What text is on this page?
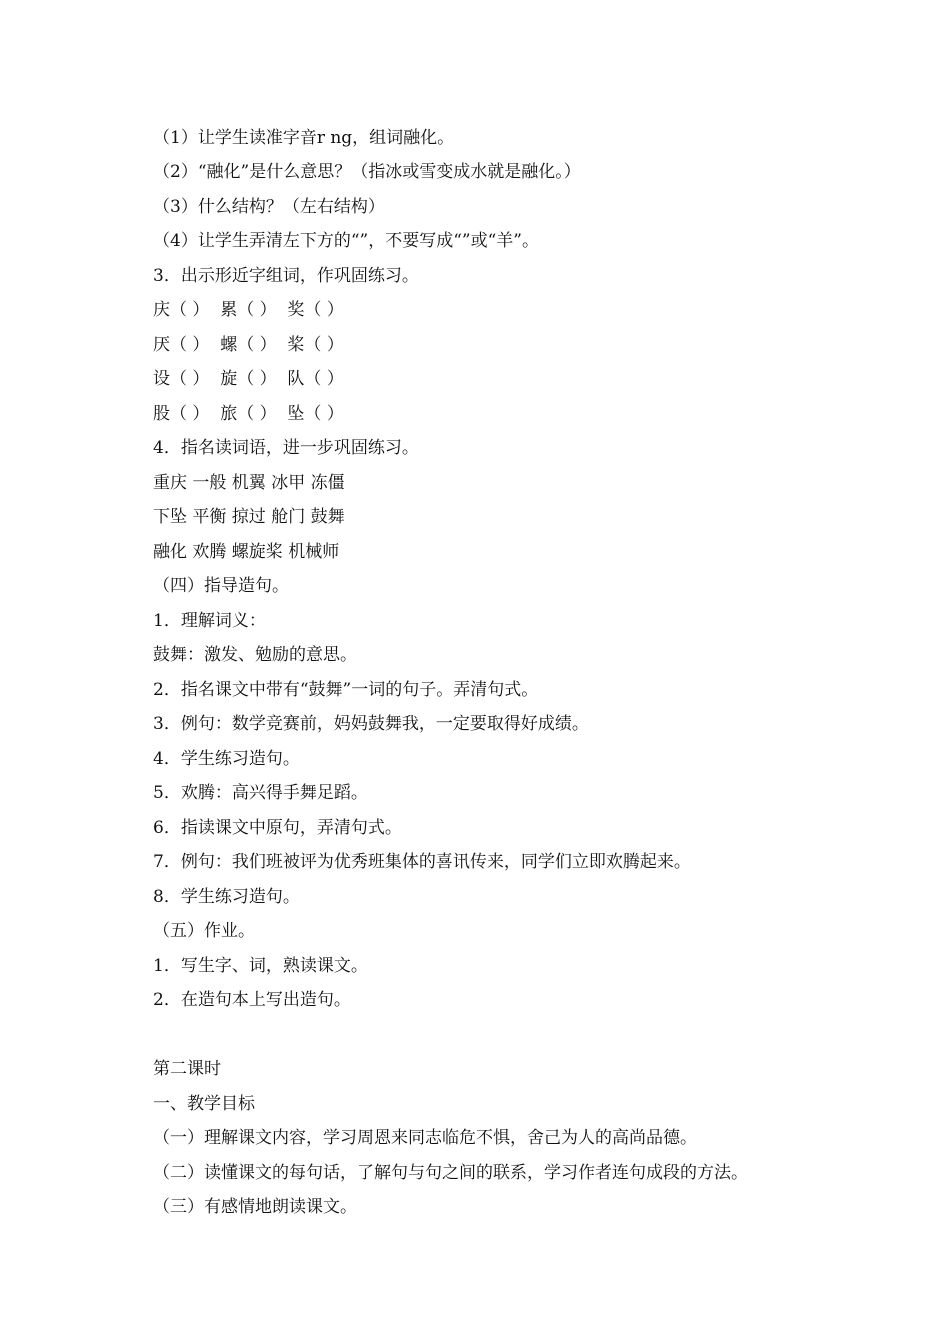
（1）让学生读准字音r ng，组词融化。
（2）“融化”是什么意思？（指冰或雪变成水就是融化。）
（3）什么结构？（左右结构）
（4）让学生弄清左下方的“”，不要写成“”或“羊”。
3．出示形近字组词，作巩固练习。
庆（ ）  累（ ）  奖（ ）
厌（ ）  螺（ ）  桨（ ）
设（ ）  旋（ ）  队（ ）
股（ ）  旅（ ）  坠（ ）
4．指名读词语，进一步巩固练习。
重庆 一般 机翼 冰甲 冻僵
下坠 平衡 掠过 舱门 鼓舞
融化 欢腾 螺旋桨 机械师
（四）指导造句。
1．理解词义：
鼓舞：激发、勉励的意思。
2．指名课文中带有“鼓舞”一词的句子。弄清句式。
3．例句：数学竞赛前，妈妈鼓舞我，一定要取得好成绩。
4．学生练习造句。
5．欢腾：高兴得手舞足蹈。
6．指读课文中原句，弄清句式。
7．例句：我们班被评为优秀班集体的喜讯传来，同学们立即欢腾起来。
8．学生练习造句。
（五）作业。
1．写生字、词，熟读课文。
2．在造句本上写出造句。
第二课时
一、教学目标
（一）理解课文内容，学习周恩来同志临危不惧，舍己为人的高尚品德。
（二）读懂课文的每句话，了解句与句之间的联系，学习作者连句成段的方法。
（三）有感情地朗读课文。
